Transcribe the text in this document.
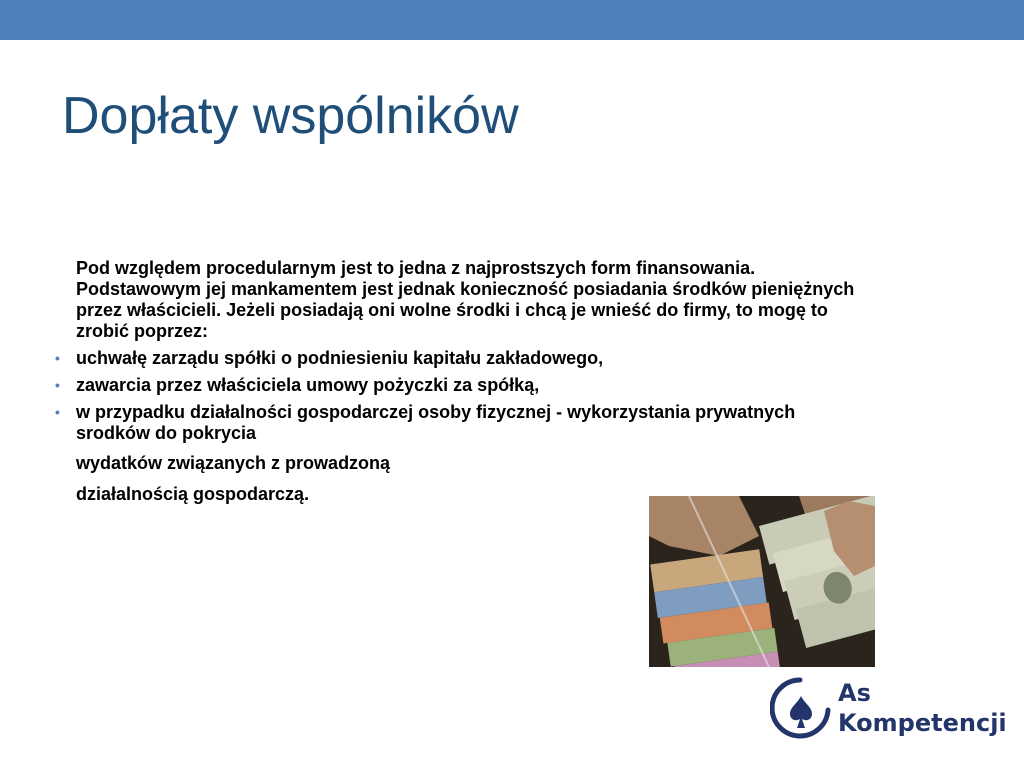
Dopłaty wspólników

Pod względem procedularnym jest to jedna z najprostszych form finansowania. Podstawowym jej mankamentem jest jednak konieczność posiadania środków pieniężnych przez właścicieli. Jeżeli posiadają oni wolne środki i chcą je wnieść do firmy, to mogę to zrobić poprzez:

• uchwałę zarządu spółki o podniesieniu kapitału zakładowego,
• zawarcia przez właściciela umowy pożyczki za spółką,
• w przypadku działalności gospodarczej osoby fizycznej - wykorzystania prywatnych srodków do pokrycia

wydatków związanych z prowadzoną

działalnością gospodarczą.

As
Kompetencji
